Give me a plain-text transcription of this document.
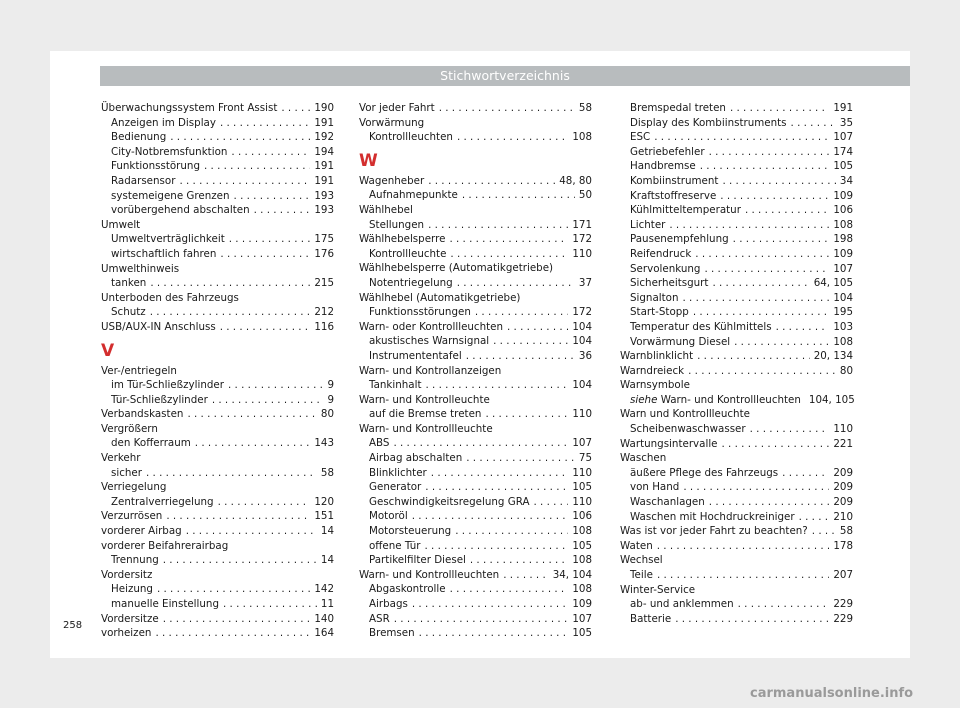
Stichwortverzeichnis
Überwachungssystem Front Assist . . .	190
Anzeigen im Display . . .	191
Bedienung . . .	192
City-Notbremsfunktion . . .	194
Funktionsstörung . . .	191
Radarsensor . . .	191
systemeigene Grenzen . . .	193
vorübergehend abschalten . . .	193
Umwelt
Umweltverträglichkeit . . .	175
wirtschaftlich fahren . . .	176
Umwelthinweis
tanken . . .	215
Unterboden des Fahrzeugs
Schutz . . .	212
USB/AUX-IN Anschluss . . .	116
V
Ver-/entriegeln
im Tür-Schließzylinder . . .	9
Tür-Schließzylinder . . .	9
Verbandskasten . . .	80
Vergrößern
den Kofferraum . . .	143
Verkehr
sicher . . .	58
Verriegelung
Zentralverriegelung . . .	120
Verzurrösen . . .	151
vorderer Airbag . . .	14
vorderer Beifahrerairbag
Trennung . . .	14
Vordersitz
Heizung . . .	142
manuelle Einstellung . . .	11
Vordersitze . . .	140
vorheizen . . .	164
Vor jeder Fahrt . . .	58
Vorwärmung
Kontrollleuchten . . .	108
W
Wagenheber . . .	48, 80
Aufnahmepunkte . . .	50
Wählhebel
Stellungen . . .	171
Wählhebelsperre . . .	172
Kontrollleuchte . . .	110
Wählhebelsperre (Automatikgetriebe)
Notentriegelung . . .	37
Wählhebel (Automatikgetriebe)
Funktionsstörungen . . .	172
Warn- oder Kontrollleuchten . . .	104
akustisches Warnsignal . . .	104
Instrumententafel . . .	36
Warn- und Kontrollanzeigen
Tankinhalt . . .	104
Warn- und Kontrolleuchte
auf die Bremse treten . . .	110
Warn- und Kontrollleuchte
ABS . . .	107
Airbag abschalten . . .	75
Blinklichter . . .	110
Generator . . .	105
Geschwindigkeitsregelung GRA . . .	110
Motoröl . . .	106
Motorsteuerung . . .	108
offene Tür . . .	105
Partikelfilter Diesel . . .	108
Warn- und Kontrollleuchten . . .	34, 104
Abgaskontrolle . . .	108
Airbags . . .	109
ASR . . .	107
Bremsen . . .	105
Bremspedal treten . . .	191
Display des Kombiinstruments . . .	35
ESC . . .	107
Getriebefehler . . .	174
Handbremse . . .	105
Kombiinstrument . . .	34
Kraftstoffreserve . . .	109
Kühlmitteltemperatur . . .	106
Lichter . . .	108
Pausenempfehlung . . .	198
Reifendruck . . .	109
Servolenkung . . .	107
Sicherheitsgurt . . .	64, 105
Signalton . . .	104
Start-Stopp . . .	195
Temperatur des Kühlmittels . . .	103
Vorwärmung Diesel . . .	108
Warnblinklicht . . .	20, 134
Warndreieck . . .	80
Warnsymbole
siehe Warn- und Kontrollleuchten 104, 105
Warn und Kontrollleuchte
Scheibenwaschwasser . . .	110
Wartungsintervalle . . .	221
Waschen
äußere Pflege des Fahrzeugs . . .	209
von Hand . . .	209
Waschanlagen . . .	209
Waschen mit Hochdruckreiniger . . .	210
Was ist vor jeder Fahrt zu beachten? . . .	58
Waten . . .	178
Wechsel
Teile . . .	207
Winter-Service
ab- und anklemmen . . .	229
Batterie . . .	229
258
carmanualsonline.info
